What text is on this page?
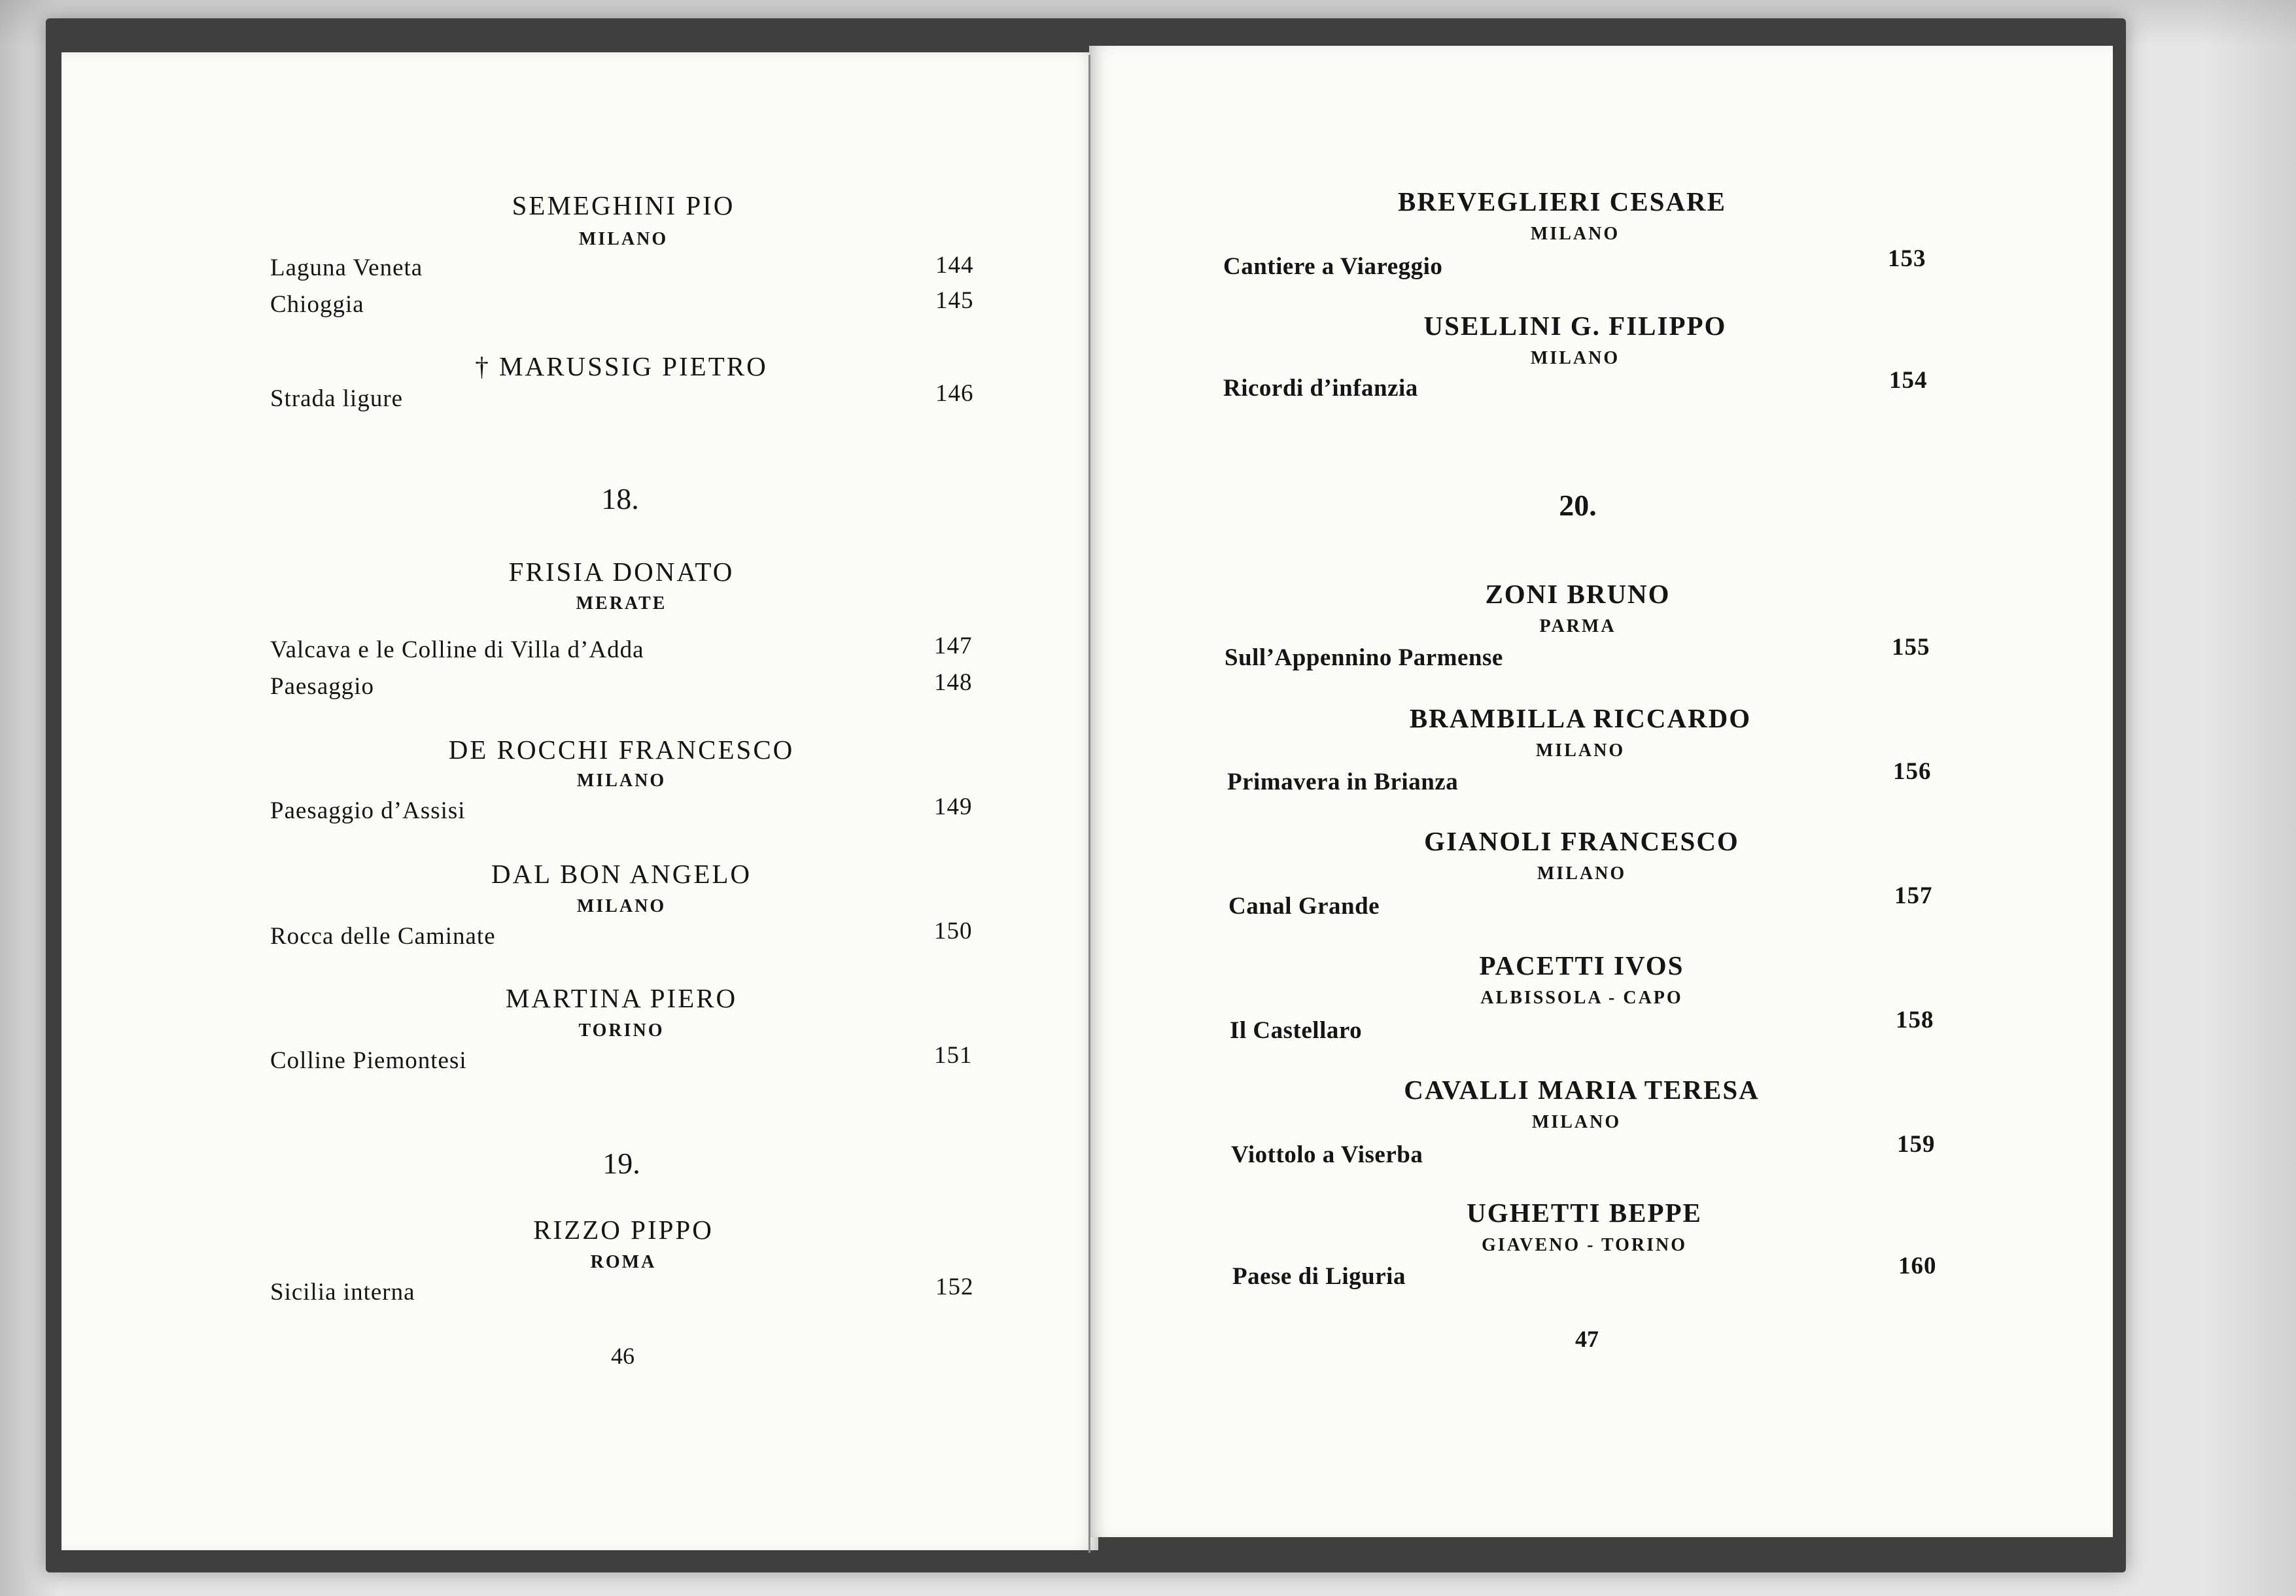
SEMEGHINI PIO
MILANO
Laguna Veneta	144
Chioggia	145
† MARUSSIG PIETRO
Strada ligure	146
18.
FRISIA DONATO
MERATE
Valcava e le Colline di Villa d’Adda	147
Paesaggio	148
DE ROCCHI FRANCESCO
MILANO
Paesaggio d’Assisi	149
DAL BON ANGELO
MILANO
Rocca delle Caminate	150
MARTINA PIERO
TORINO
Colline Piemontesi	151
19.
RIZZO PIPPO
ROMA
Sicilia interna	152
46
BREVEGLIERI CESARE
MILANO
Cantiere a Viareggio	153
USELLINI G. FILIPPO
MILANO
Ricordi d’infanzia	154
20.
ZONI BRUNO
PARMA
Sull’Appennino Parmense	155
BRAMBILLA RICCARDO
MILANO
Primavera in Brianza	156
GIANOLI FRANCESCO
MILANO
Canal Grande	157
PACETTI IVOS
ALBISSOLA - CAPO
Il Castellaro	158
CAVALLI MARIA TERESA
MILANO
Viottolo a Viserba	159
UGHETTI BEPPE
GIAVENO - TORINO
Paese di Liguria	160
47
